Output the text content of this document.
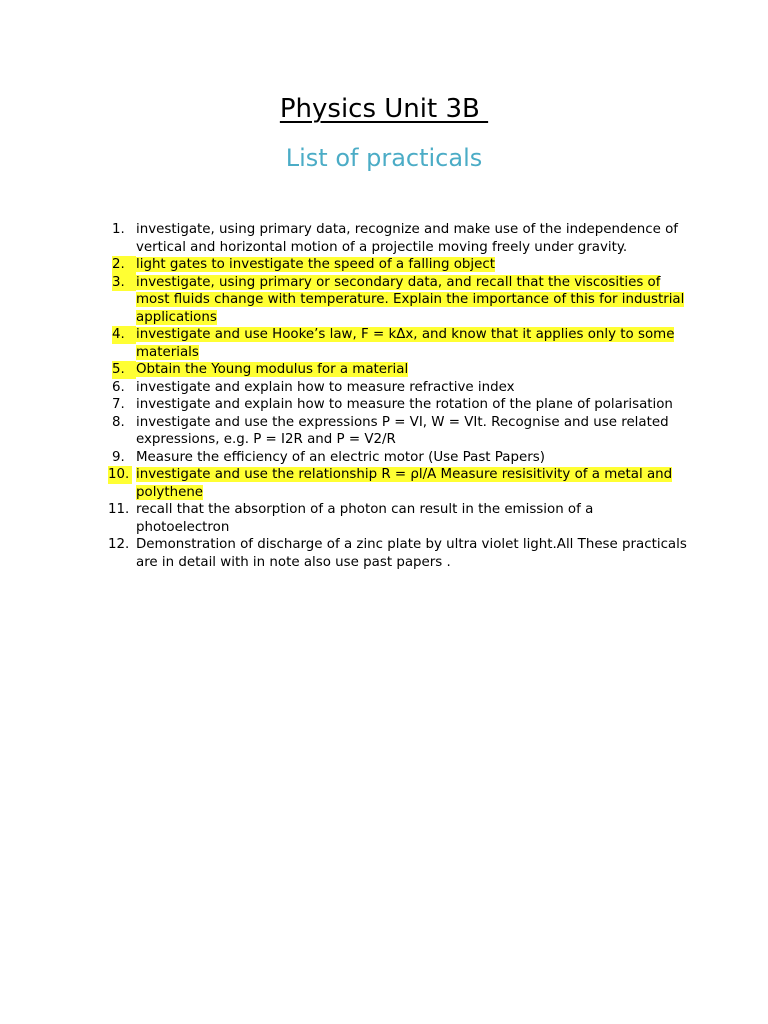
Physics Unit 3B
List of practicals
1. investigate, using primary data, recognize and make use of the independence of vertical and horizontal motion of a projectile moving freely under gravity.
2. light gates to investigate the speed of a falling object
3. investigate, using primary or secondary data, and recall that the viscosities of most fluids change with temperature. Explain the importance of this for industrial applications
4. investigate and use Hooke’s law, F = kΔx, and know that it applies only to some materials
5. Obtain the Young modulus for a material
6. investigate and explain how to measure refractive index
7. investigate and explain how to measure the rotation of the plane of polarisation
8. investigate and use the expressions P = VI, W = VIt. Recognise and use related expressions, e.g. P = I2R and P = V2/R
9. Measure the efficiency of an electric motor (Use Past Papers)
10. investigate and use the relationship R = ρl/A Measure resisitivity of a metal and polythene
11. recall that the absorption of a photon can result in the emission of a photoelectron
12. Demonstration of discharge of a zinc plate by ultra violet light.All These practicals are in detail with in note also use past papers .
